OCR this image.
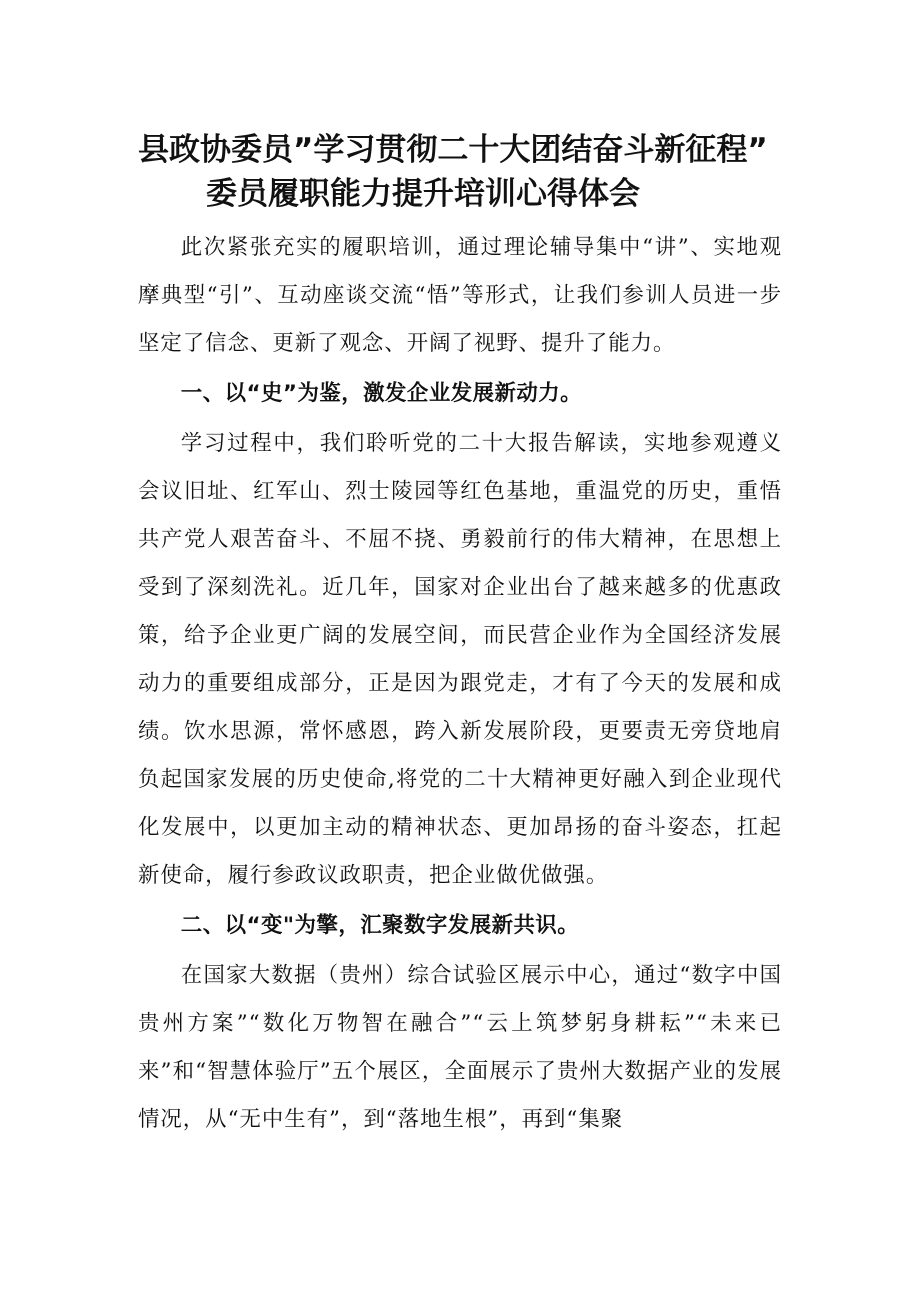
县政协委员”学习贯彻二十大团结奋斗新征程”
委员履职能力提升培训心得体会

此次紧张充实的履职培训，通过理论辅导集中“讲”、实地观摩典型“引”、互动座谈交流“悟”等形式，让我们参训人员进一步坚定了信念、更新了观念、开阔了视野、提升了能力。

一、以“史”为鉴，激发企业发展新动力。

学习过程中，我们聆听党的二十大报告解读，实地参观遵义会议旧址、红军山、烈士陵园等红色基地，重温党的历史，重悟共产党人艰苦奋斗、不屈不挠、勇毅前行的伟大精神，在思想上受到了深刻洗礼。近几年，国家对企业出台了越来越多的优惠政策，给予企业更广阔的发展空间，而民营企业作为全国经济发展动力的重要组成部分，正是因为跟党走，才有了今天的发展和成绩。饮水思源，常怀感恩，跨入新发展阶段，更要责无旁贷地肩负起国家发展的历史使命,将党的二十大精神更好融入到企业现代化发展中，以更加主动的精神状态、更加昂扬的奋斗姿态，扛起新使命，履行参政议政职责，把企业做优做强。

二、以“变"为擎，汇聚数字发展新共识。

在国家大数据（贵州）综合试验区展示中心，通过“数字中国贵州方案”“数化万物智在融合”“云上筑梦躬身耕耘”“未来已来”和“智慧体验厅”五个展区，全面展示了贵州大数据产业的发展情况，从“无中生有”，到“落地生根”，再到“集聚
